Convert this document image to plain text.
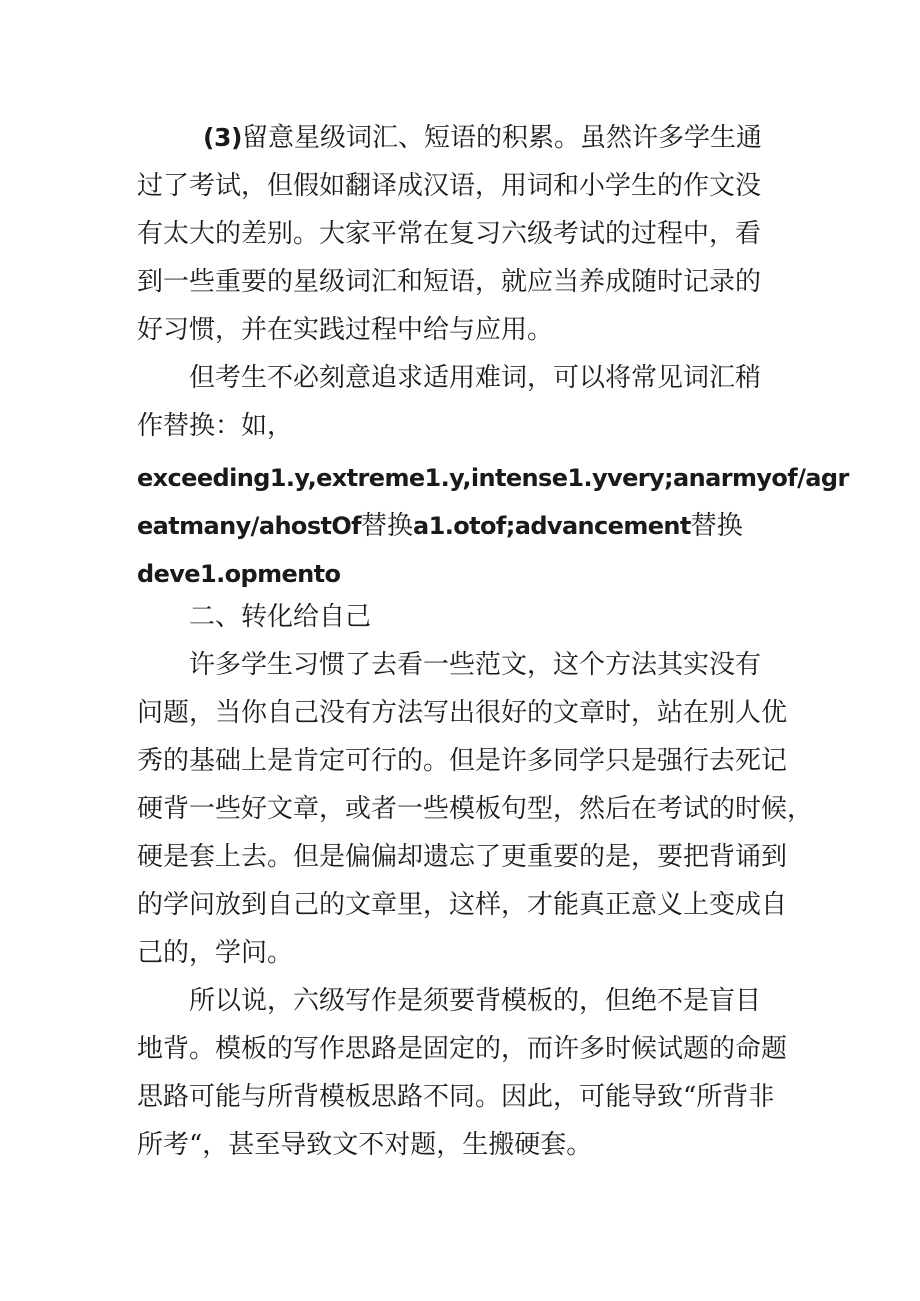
(3)留意星级词汇、短语的积累。虽然许多学生通
过了考试，但假如翻译成汉语，用词和小学生的作文没
有太大的差别。大家平常在复习六级考试的过程中，看
到一些重要的星级词汇和短语，就应当养成随时记录的
好习惯，并在实践过程中给与应用。
但考生不必刻意追求适用难词，可以将常见词汇稍
作替换：如，
exceeding1.y,extreme1.y,intense1.yvery;anarmyof/agr
eatmany/ahostOf替换a1.otof;advancement替换
deve1.opmento
二、转化给自己
许多学生习惯了去看一些范文，这个方法其实没有
问题，当你自己没有方法写出很好的文章时，站在别人优
秀的基础上是肯定可行的。但是许多同学只是强行去死记
硬背一些好文章，或者一些模板句型，然后在考试的时候，
硬是套上去。但是偏偏却遗忘了更重要的是，要把背诵到
的学问放到自己的文章里，这样，才能真正意义上变成自
己的，学问。
所以说，六级写作是须要背模板的，但绝不是盲目
地背。模板的写作思路是固定的，而许多时候试题的命题
思路可能与所背模板思路不同。因此，可能导致“所背非
所考“，甚至导致文不对题，生搬硬套。
